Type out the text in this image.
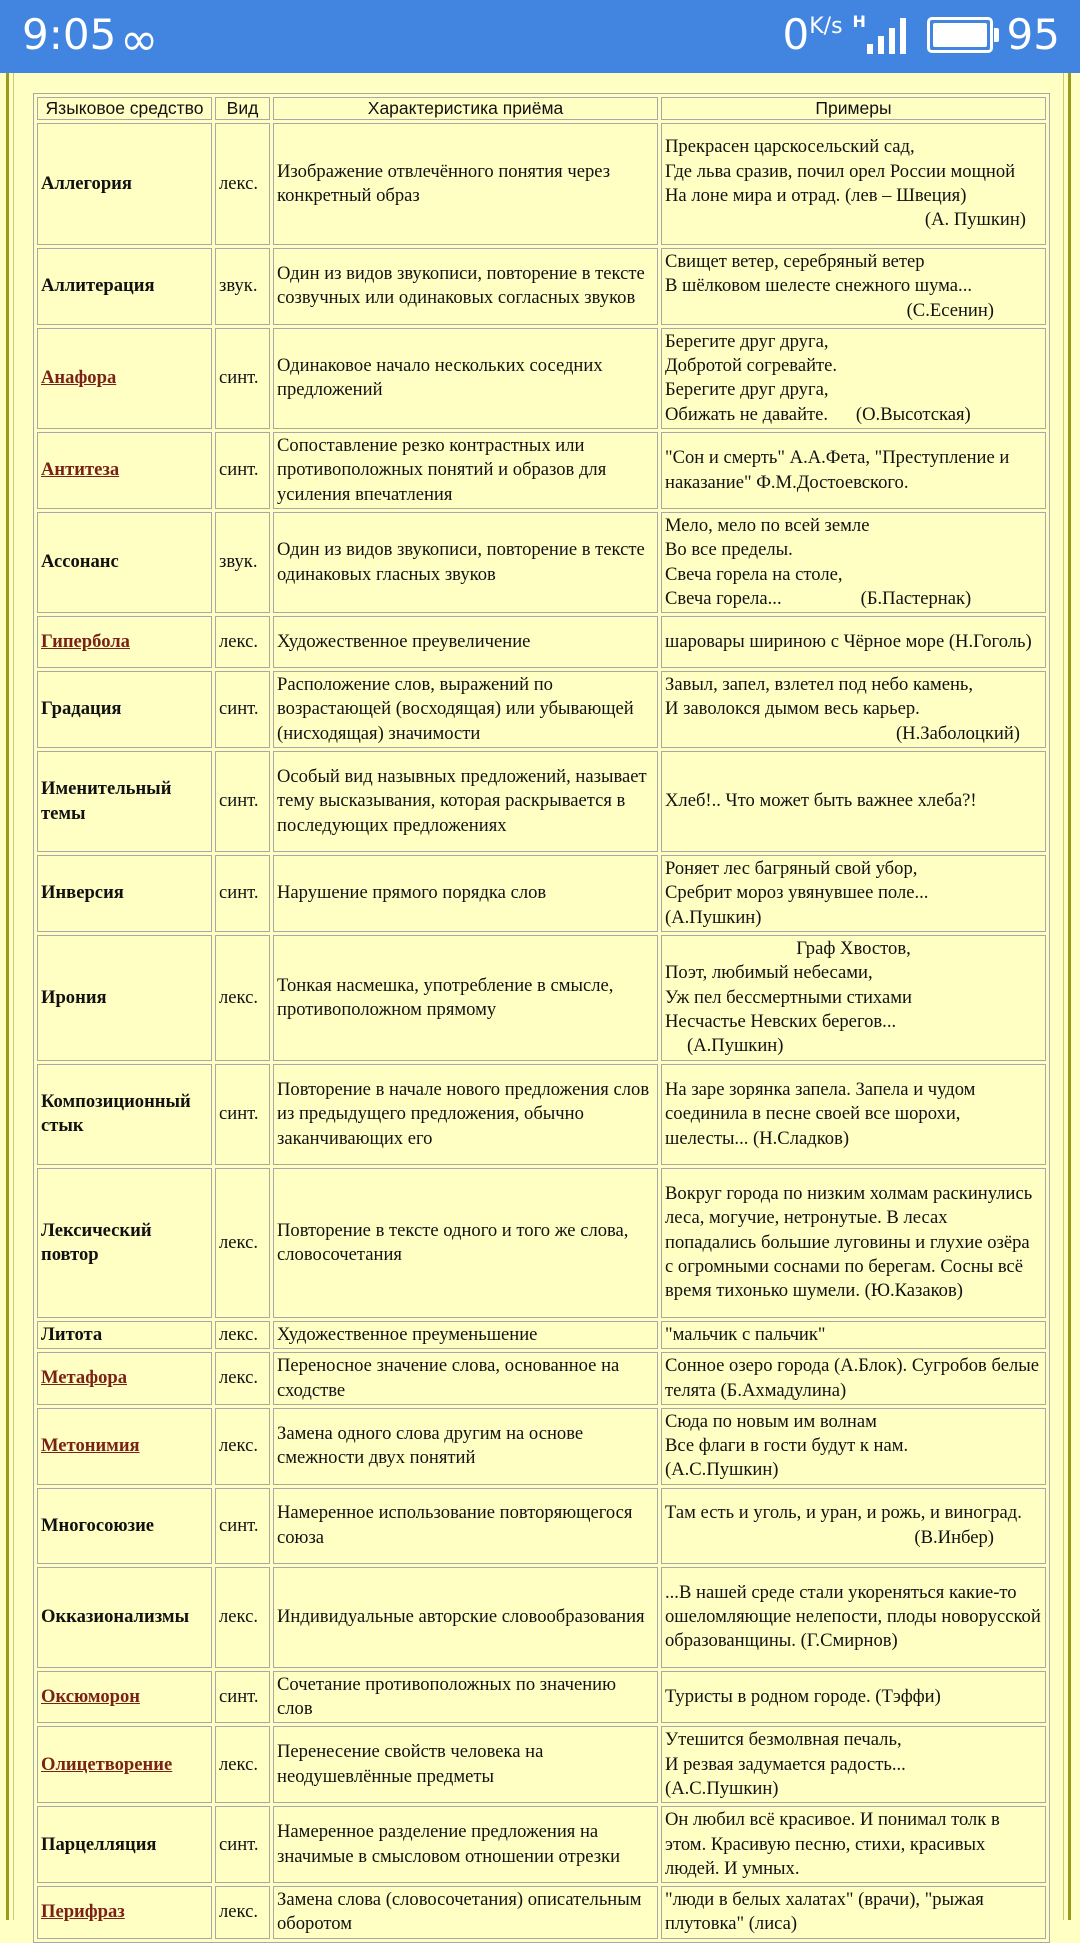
9:05 ∞	0K/s H	95
Языковое средство	Вид	Характеристика приёма	Примеры
Аллегория	лекс.	Изображение отвлечённого понятия через конкретный образ	Прекрасен царскосельский сад,
Где льва сразив, почил орел России мощной
На лоне мира и отрад. (лев – Швеция)
(А. Пушкин)

Аллитерация	звук.	Один из видов звукописи, повторение в тексте созвучных или одинаковых согласных звуков	Свищет ветер, серебряный ветер
В шёлковом шелесте снежного шума...
(С.Есенин)

Анафора	синт.	Одинаковое начало нескольких соседних предложений	Берегите друг друга,
Добротой согревайте.
Берегите друг друга,
Обижать не давайте.      (О.Высотская)

Антитеза	синт.	Сопоставление резко контрастных или противоположных понятий и образов для усиления впечатления	"Сон и смерть" А.А.Фета, "Преступление и наказание" Ф.М.Достоевского.

Ассонанс	звук.	Один из видов звукописи, повторение в тексте одинаковых гласных звуков	Мело, мело по всей земле
Во все пределы.
Свеча горела на столе,
Свеча горела...                 (Б.Пастернак)

Гипербола	лекс.	Художественное преувеличение	шаровары шириною с Чёрное море (Н.Гоголь)

Градация	синт.	Расположение слов, выражений по возрастающей (восходящая) или убывающей (нисходящая) значимости	Завыл, запел, взлетел под небо камень,
И заволокся дымом весь карьер.
(Н.Заболоцкий)

Именительный темы	синт.	Особый вид назывных предложений, называет тему высказывания, которая раскрывается в последующих предложениях	Хлеб!.. Что может быть важнее хлеба?!

Инверсия	синт.	Нарушение прямого порядка слов	Роняет лес багряный свой убор,
Сребрит мороз увянувшее поле...
(А.Пушкин)

Ирония	лекс.	Тонкая насмешка, употребление в смысле, противоположном прямому	Граф Хвостов,
Поэт, любимый небесами,
Уж пел бессмертными стихами
Несчастье Невских берегов...
(А.Пушкин)

Композиционный стык	синт.	Повторение в начале нового предложения слов из предыдущего предложения, обычно заканчивающих его	На заре зорянка запела. Запела и чудом соединила в песне своей все шорохи, шелесты... (Н.Сладков)

Лексический повтор	лекс.	Повторение в тексте одного и того же слова, словосочетания	Вокруг города по низким холмам раскинулись леса, могучие, нетронутые. В лесах попадались большие луговины и глухие озёра с огромными соснами по берегам. Сосны всё время тихонько шумели. (Ю.Казаков)

Литота	лекс.	Художественное преуменьшение	"мальчик с пальчик"

Метафора	лекс.	Переносное значение слова, основанное на сходстве	Сонное озеро города (А.Блок). Сугробов белые телята (Б.Ахмадулина)

Метонимия	лекс.	Замена одного слова другим на основе смежности двух понятий	Сюда по новым им волнам
Все флаги в гости будут к нам.
(А.С.Пушкин)

Многосоюзие	синт.	Намеренное использование повторяющегося союза	Там есть и уголь, и уран, и рожь, и виноград.
(В.Инбер)

Окказионализмы	лекс.	Индивидуальные авторские словообразования	...В нашей среде стали укореняться какие-то ошеломляющие нелепости, плоды новорусской образованщины. (Г.Смирнов)

Оксюморон	синт.	Сочетание противоположных по значению слов	Туристы в родном городе. (Тэффи)

Олицетворение	лекс.	Перенесение свойств человека на неодушевлённые предметы	Утешится безмолвная печаль,
И резвая задумается радость...
(А.С.Пушкин)

Парцелляция	синт.	Намеренное разделение предложения на значимые в смысловом отношении отрезки	Он любил всё красивое. И понимал толк в этом. Красивую песню, стихи, красивых людей. И умных.

Перифраз	лекс.	Замена слова (словосочетания) описательным оборотом	"люди в белых халатах" (врачи), "рыжая плутовка" (лиса)
